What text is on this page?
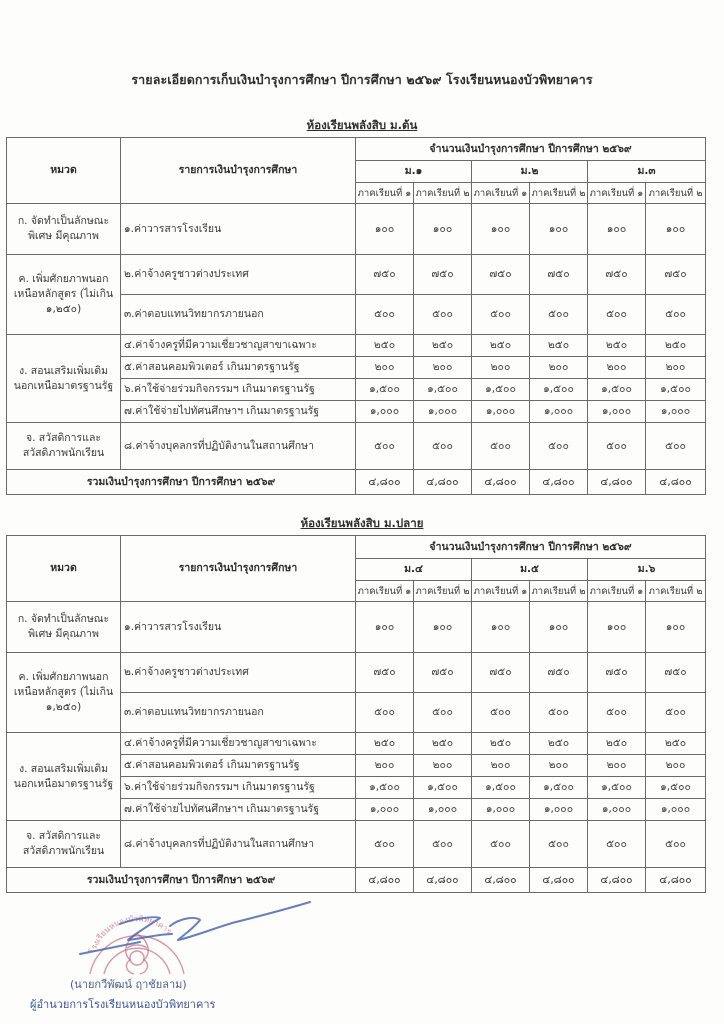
รายละเอียดการเก็บเงินบำรุงการศึกษา ปีการศึกษา ๒๕๖๙ โรงเรียนหนองบัวพิทยาคาร
ห้องเรียนพลังสิบ ม.ต้น
หมวด	รายการเงินบำรุงการศึกษา	จำนวนเงินบำรุงการศึกษา ปีการศึกษา ๒๕๖๙					
		ม.๑		ม.๒		ม.๓	
		ภาคเรียนที่ ๑	ภาคเรียนที่ ๒	ภาคเรียนที่ ๑	ภาคเรียนที่ ๒	ภาคเรียนที่ ๑	ภาคเรียนที่ ๒
ก. จัดทำเป็นลักษณะพิเศษ มีคุณภาพ	๑.ค่าวารสารโรงเรียน	๑๐๐	๑๐๐	๑๐๐	๑๐๐	๑๐๐	๑๐๐
ค. เพิ่มศักยภาพนอกเหนือหลักสูตร (ไม่เกิน ๑,๒๕๐)	๒.ค่าจ้างครูชาวต่างประเทศ	๗๕๐	๗๕๐	๗๕๐	๗๕๐	๗๕๐	๗๕๐
	๓.ค่าตอบแทนวิทยากรภายนอก	๕๐๐	๕๐๐	๕๐๐	๕๐๐	๕๐๐	๕๐๐
ง. สอนเสริมเพิ่มเติมนอกเหนือมาตรฐานรัฐ	๔.ค่าจ้างครูที่มีความเชี่ยวชาญสาขาเฉพาะ	๒๕๐	๒๕๐	๒๕๐	๒๕๐	๒๕๐	๒๕๐
	๕.ค่าสอนคอมพิวเตอร์ เกินมาตรฐานรัฐ	๒๐๐	๒๐๐	๒๐๐	๒๐๐	๒๐๐	๒๐๐
	๖.ค่าใช้จ่ายร่วมกิจกรรมฯ เกินมาตรฐานรัฐ	๑,๕๐๐	๑,๕๐๐	๑,๕๐๐	๑,๕๐๐	๑,๕๐๐	๑,๕๐๐
	๗.ค่าใช้จ่ายไปทัศนศึกษาฯ เกินมาตรฐานรัฐ	๑,๐๐๐	๑,๐๐๐	๑,๐๐๐	๑,๐๐๐	๑,๐๐๐	๑,๐๐๐
จ. สวัสดิการและสวัสดิภาพนักเรียน	๘.ค่าจ้างบุคลกรที่ปฏิบัติงานในสถานศึกษา	๕๐๐	๕๐๐	๕๐๐	๕๐๐	๕๐๐	๕๐๐
รวมเงินบำรุงการศึกษา ปีการศึกษา ๒๕๖๙		๔,๘๐๐	๔,๘๐๐	๔,๘๐๐	๔,๘๐๐	๔,๘๐๐	๔,๘๐๐
ห้องเรียนพลังสิบ ม.ปลาย
หมวด	รายการเงินบำรุงการศึกษา	จำนวนเงินบำรุงการศึกษา ปีการศึกษา ๒๕๖๙					
		ม.๔		ม.๕		ม.๖	
		ภาคเรียนที่ ๑	ภาคเรียนที่ ๒	ภาคเรียนที่ ๑	ภาคเรียนที่ ๒	ภาคเรียนที่ ๑	ภาคเรียนที่ ๒
ก. จัดทำเป็นลักษณะพิเศษ มีคุณภาพ	๑.ค่าวารสารโรงเรียน	๑๐๐	๑๐๐	๑๐๐	๑๐๐	๑๐๐	๑๐๐
ค. เพิ่มศักยภาพนอกเหนือหลักสูตร (ไม่เกิน ๑,๒๕๐)	๒.ค่าจ้างครูชาวต่างประเทศ	๗๕๐	๗๕๐	๗๕๐	๗๕๐	๗๕๐	๗๕๐
	๓.ค่าตอบแทนวิทยากรภายนอก	๕๐๐	๕๐๐	๕๐๐	๕๐๐	๕๐๐	๕๐๐
ง. สอนเสริมเพิ่มเติมนอกเหนือมาตรฐานรัฐ	๔.ค่าจ้างครูที่มีความเชี่ยวชาญสาขาเฉพาะ	๒๕๐	๒๕๐	๒๕๐	๒๕๐	๒๕๐	๒๕๐
	๕.ค่าสอนคอมพิวเตอร์ เกินมาตรฐานรัฐ	๒๐๐	๒๐๐	๒๐๐	๒๐๐	๒๐๐	๒๐๐
	๖.ค่าใช้จ่ายร่วมกิจกรรมฯ เกินมาตรฐานรัฐ	๑,๕๐๐	๑,๕๐๐	๑,๕๐๐	๑,๕๐๐	๑,๕๐๐	๑,๕๐๐
	๗.ค่าใช้จ่ายไปทัศนศึกษาฯ เกินมาตรฐานรัฐ	๑,๐๐๐	๑,๐๐๐	๑,๐๐๐	๑,๐๐๐	๑,๐๐๐	๑,๐๐๐
จ. สวัสดิการและสวัสดิภาพนักเรียน	๘.ค่าจ้างบุคลกรที่ปฏิบัติงานในสถานศึกษา	๕๐๐	๕๐๐	๕๐๐	๕๐๐	๕๐๐	๕๐๐
รวมเงินบำรุงการศึกษา ปีการศึกษา ๒๕๖๙		๔,๘๐๐	๔,๘๐๐	๔,๘๐๐	๔,๘๐๐	๔,๘๐๐	๔,๘๐๐
โรงเรียนหนองบัวพิทยาคาร
(นายกวีพัฒน์ ฤาชัยลาม)
ผู้อำนวยการโรงเรียนหนองบัวพิทยาคาร
